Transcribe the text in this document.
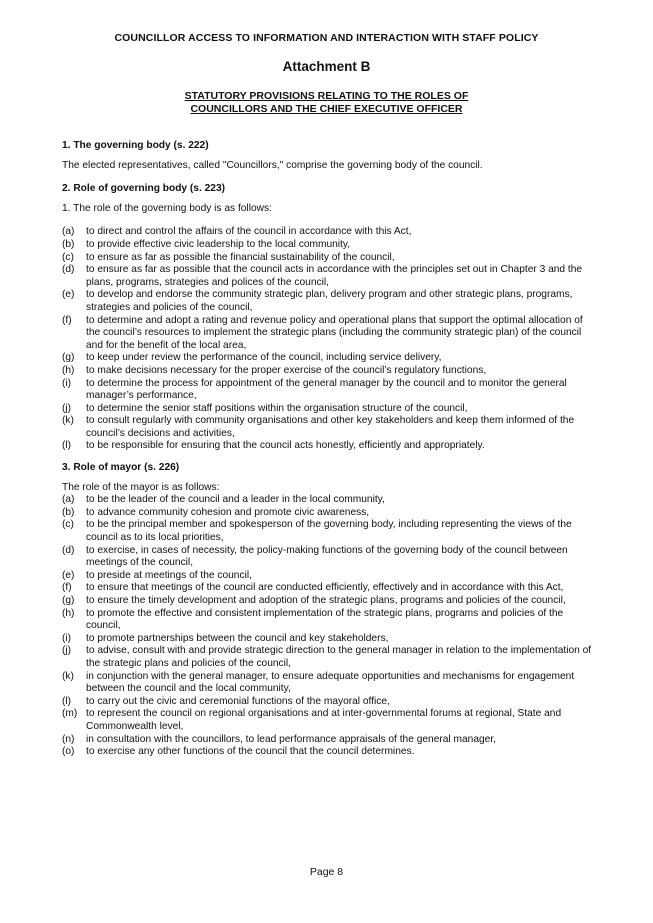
COUNCILLOR ACCESS TO INFORMATION AND INTERACTION WITH STAFF POLICY
Attachment B
STATUTORY PROVISIONS RELATING TO THE ROLES OF
COUNCILLORS AND THE CHIEF EXECUTIVE OFFICER

1. The governing body (s. 222)

The elected representatives, called "Councillors," comprise the governing body of the council.

2. Role of governing body (s. 223)

1. The role of the governing body is as follows:

(a) to direct and control the affairs of the council in accordance with this Act,
(b) to provide effective civic leadership to the local community,
(c) to ensure as far as possible the financial sustainability of the council,
(d) to ensure as far as possible that the council acts in accordance with the principles set out in Chapter 3 and the plans, programs, strategies and polices of the council,
(e) to develop and endorse the community strategic plan, delivery program and other strategic plans, programs, strategies and policies of the council,
(f) to determine and adopt a rating and revenue policy and operational plans that support the optimal allocation of the council’s resources to implement the strategic plans (including the community strategic plan) of the council and for the benefit of the local area,
(g) to keep under review the performance of the council, including service delivery,
(h) to make decisions necessary for the proper exercise of the council’s regulatory functions,
(i) to determine the process for appointment of the general manager by the council and to monitor the general manager’s performance,
(j) to determine the senior staff positions within the organisation structure of the council,
(k) to consult regularly with community organisations and other key stakeholders and keep them informed of the council’s decisions and activities,
(l) to be responsible for ensuring that the council acts honestly, efficiently and appropriately.

3. Role of mayor (s. 226)

The role of the mayor is as follows:

(a) to be the leader of the council and a leader in the local community,
(b) to advance community cohesion and promote civic awareness,
(c) to be the principal member and spokesperson of the governing body, including representing the views of the council as to its local priorities,
(d) to exercise, in cases of necessity, the policy-making functions of the governing body of the council between meetings of the council,
(e) to preside at meetings of the council,
(f) to ensure that meetings of the council are conducted efficiently, effectively and in accordance with this Act,
(g) to ensure the timely development and adoption of the strategic plans, programs and policies of the council,
(h) to promote the effective and consistent implementation of the strategic plans, programs and policies of the council,
(i) to promote partnerships between the council and key stakeholders,
(j) to advise, consult with and provide strategic direction to the general manager in relation to the implementation of the strategic plans and policies of the council,
(k) in conjunction with the general manager, to ensure adequate opportunities and mechanisms for engagement between the council and the local community,
(l) to carry out the civic and ceremonial functions of the mayoral office,
(m) to represent the council on regional organisations and at inter-governmental forums at regional, State and Commonwealth level,
(n) in consultation with the councillors, to lead performance appraisals of the general manager,
(o) to exercise any other functions of the council that the council determines.
Page 8
